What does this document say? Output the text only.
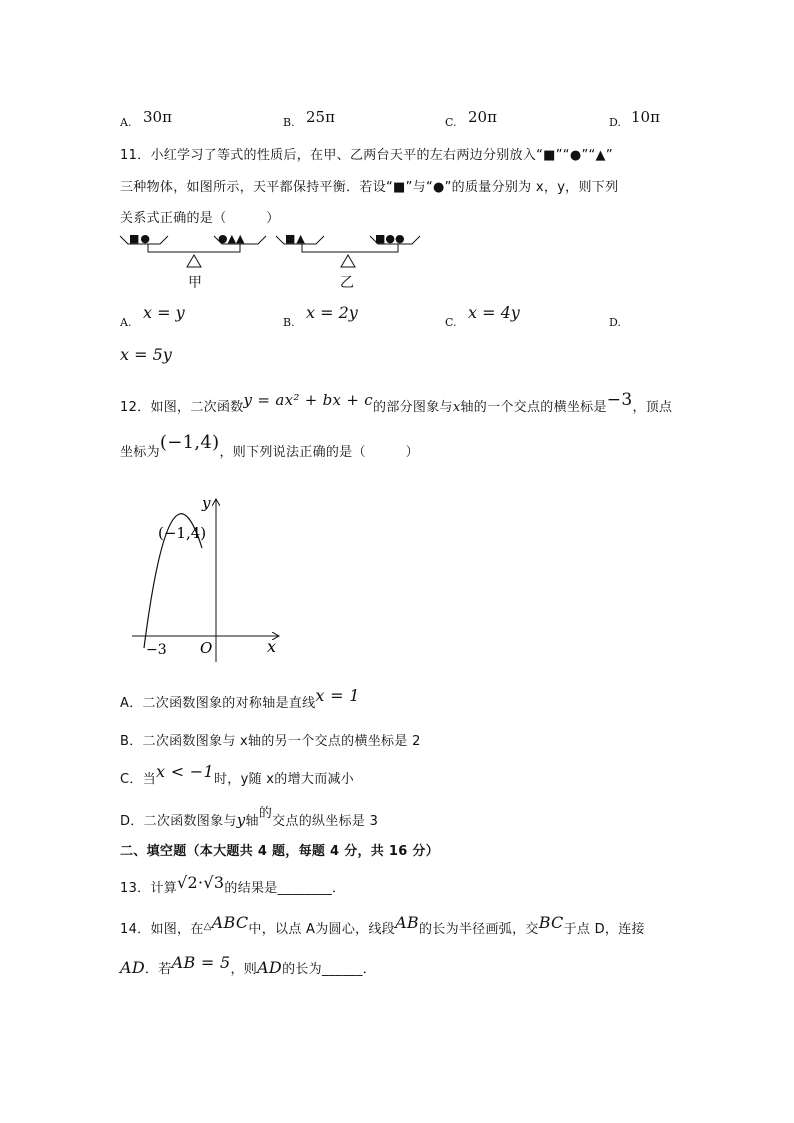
A. 30π	B. 25π	C. 20π	D. 10π
11．小红学习了等式的性质后，在甲、乙两台天平的左右两边分别放入“■”“●”“▲”
三种物体，如图所示，天平都保持平衡．若设“■”与“●”的质量分别为 x，y，则下列
关系式正确的是（　　　）
■●	●▲▲
甲
■▲	■●●
乙
A.
x = y
B.
x = 2y
C.
x = 4y
D.
x = 5y
12．如图，二次函数y = ax² + bx + c的部分图象与x轴的一个交点的横坐标是−3，顶点
坐标为(−1,4)，则下列说法正确的是（　　　）
y
x
O
(−1,4)
−3
A．二次函数图象的对称轴是直线x = 1
B．二次函数图象与 x轴的另一个交点的横坐标是 2
C．当x < −1时，y随 x的增大而减小
D．二次函数图象与y轴的交点的纵坐标是 3
二、填空题（本大题共 4 题，每题 4 分，共 16 分）
13．计算√2·√3的结果是________．
14．如图，在△ABC中，以点 A为圆心，线段AB的长为半径画弧，交BC于点 D，连接
AD．若AB = 5，则AD的长为______．
